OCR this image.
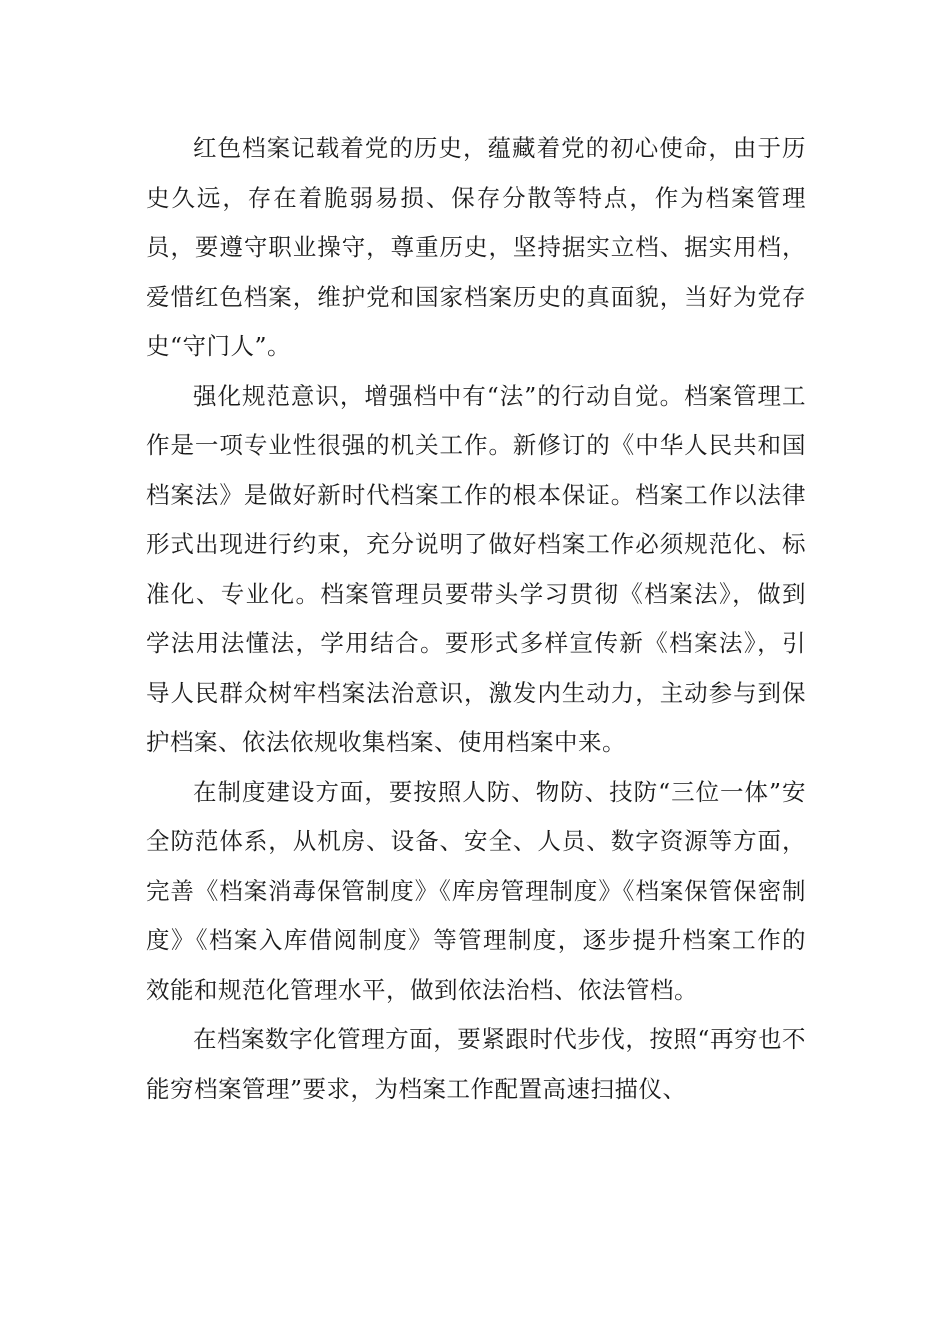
红色档案记载着党的历史，蕴藏着党的初心使命，由于历史久远，存在着脆弱易损、保存分散等特点，作为档案管理员，要遵守职业操守，尊重历史，坚持据实立档、据实用档，爱惜红色档案，维护党和国家档案历史的真面貌，当好为党存史“守门人”。

强化规范意识，增强档中有“法”的行动自觉。档案管理工作是一项专业性很强的机关工作。新修订的《中华人民共和国档案法》是做好新时代档案工作的根本保证。档案工作以法律形式出现进行约束，充分说明了做好档案工作必须规范化、标准化、专业化。档案管理员要带头学习贯彻《档案法》，做到学法用法懂法，学用结合。要形式多样宣传新《档案法》，引导人民群众树牢档案法治意识，激发内生动力，主动参与到保护档案、依法依规收集档案、使用档案中来。

在制度建设方面，要按照人防、物防、技防“三位一体”安全防范体系，从机房、设备、安全、人员、数字资源等方面，完善《档案消毒保管制度》《库房管理制度》《档案保管保密制度》《档案入库借阅制度》等管理制度，逐步提升档案工作的效能和规范化管理水平，做到依法治档、依法管档。

在档案数字化管理方面，要紧跟时代步伐，按照“再穷也不能穷档案管理”要求，为档案工作配置高速扫描仪、
